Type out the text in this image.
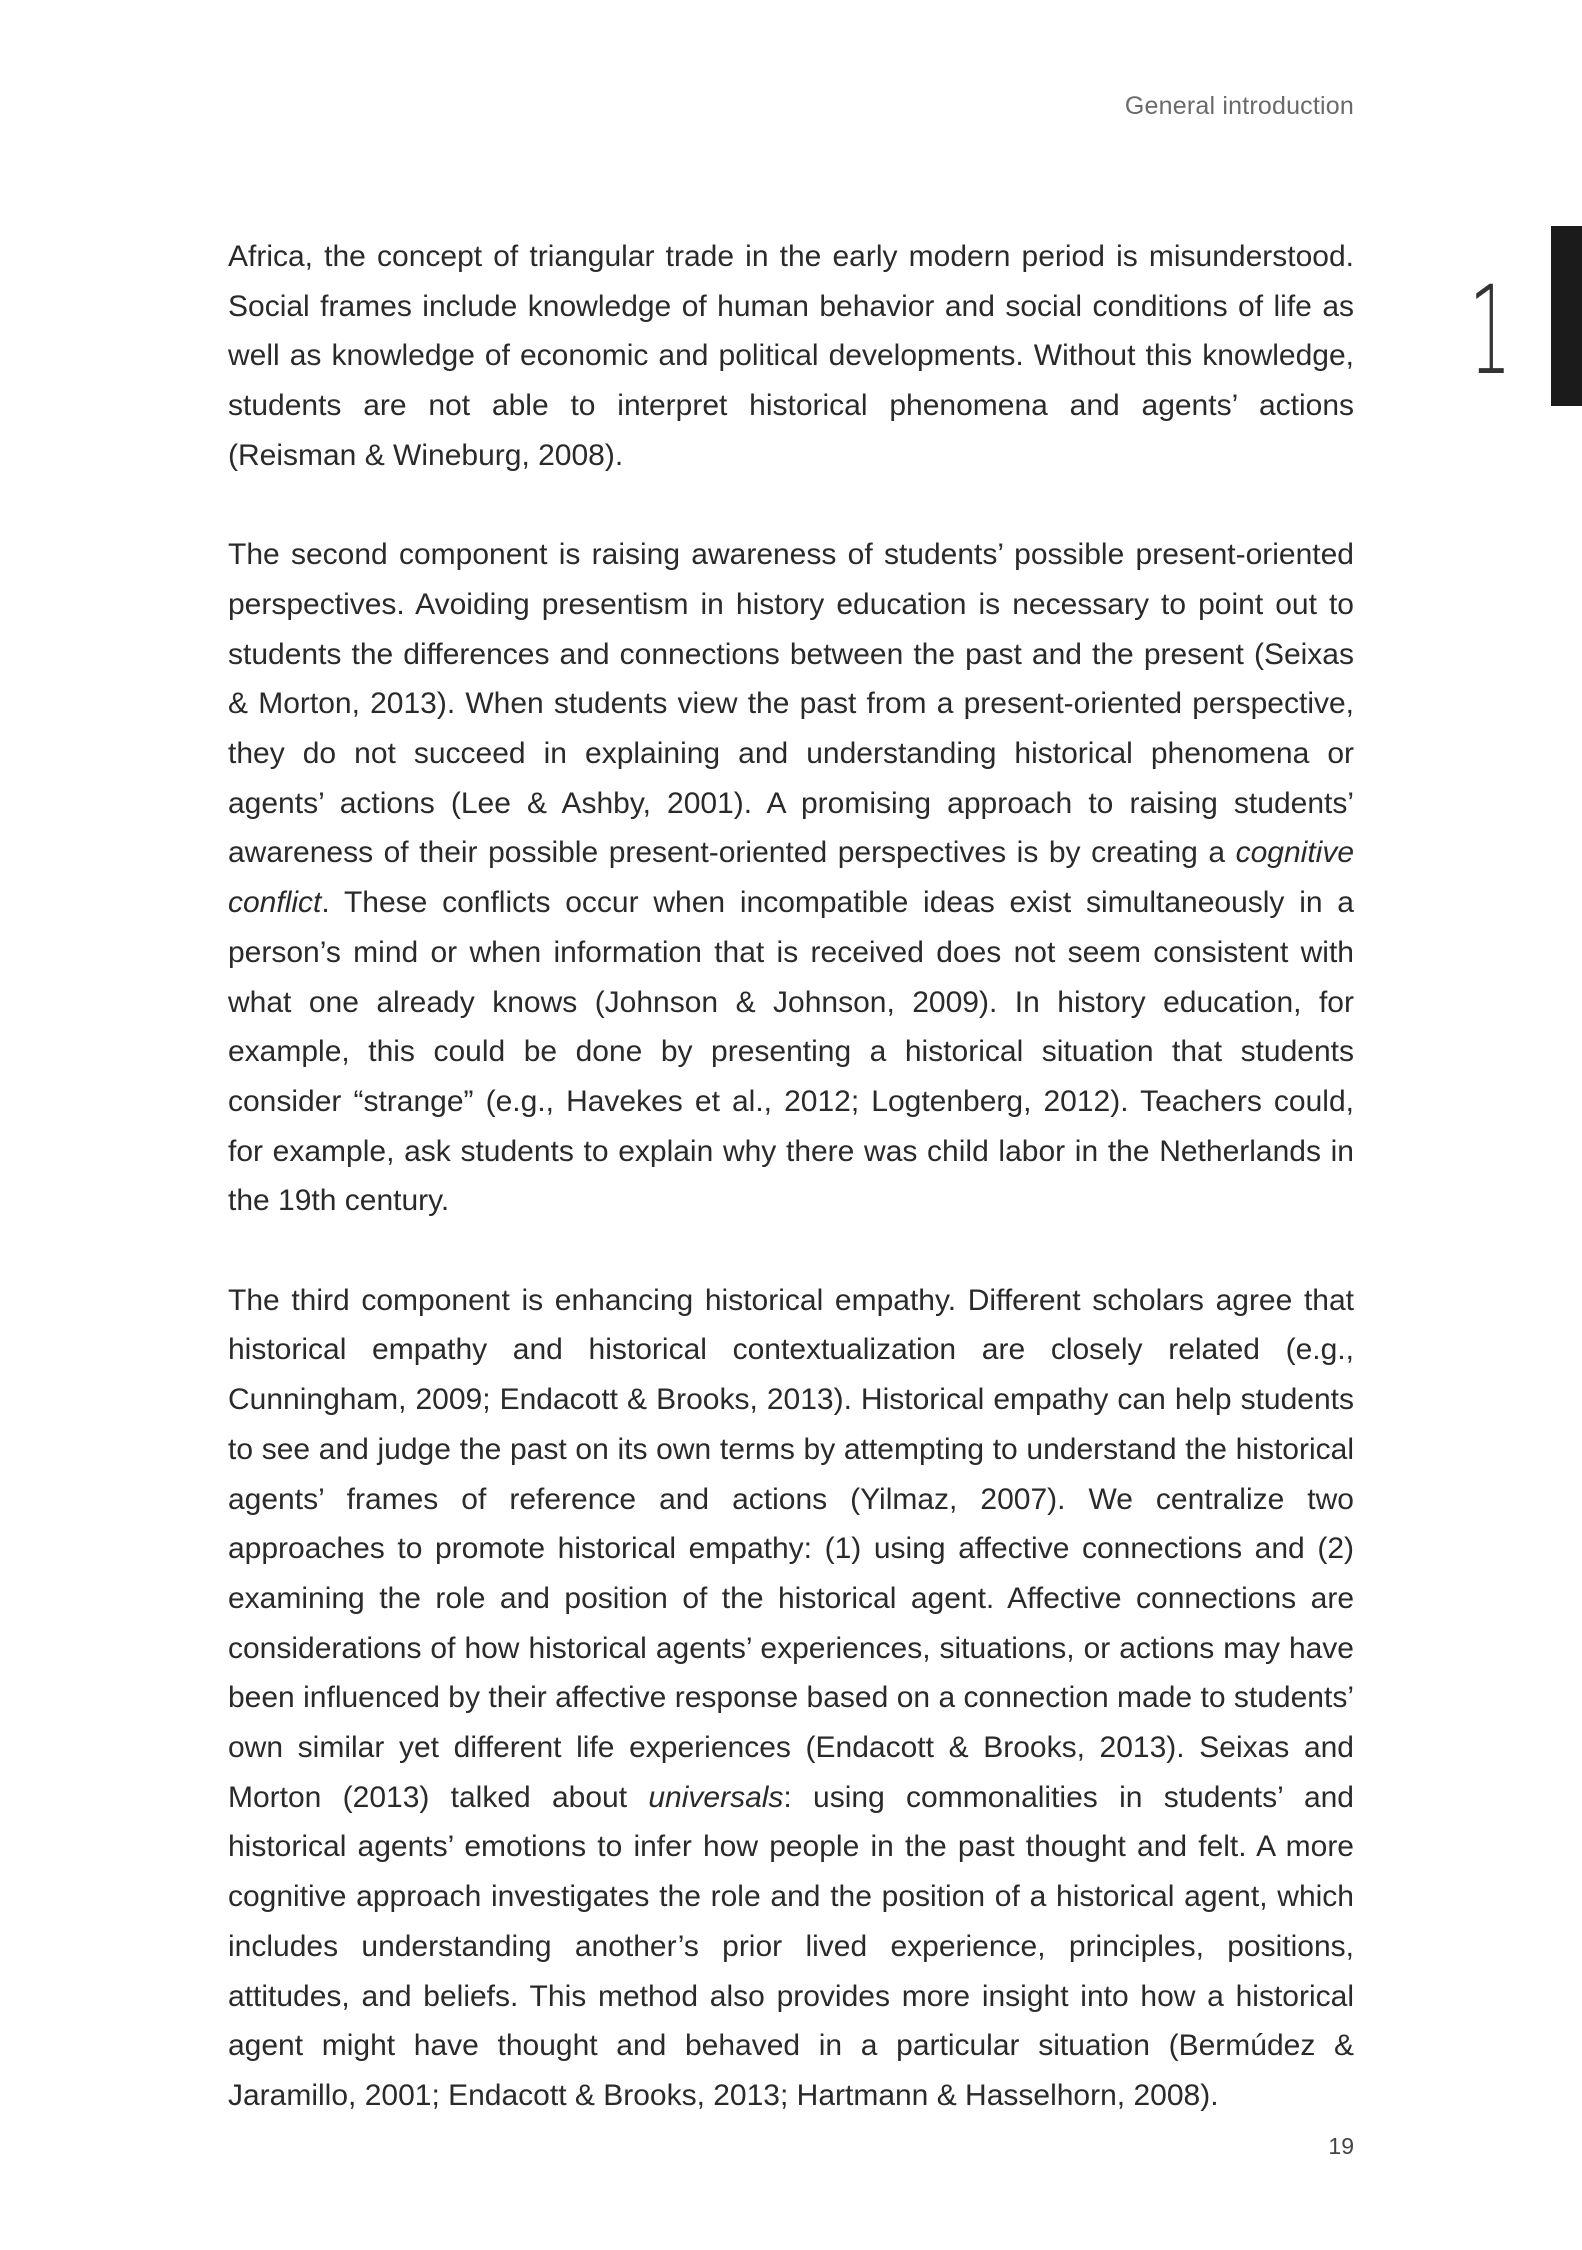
General introduction
1

Africa, the concept of triangular trade in the early modern period is misunderstood. Social frames include knowledge of human behavior and social conditions of life as well as knowledge of economic and political developments. Without this knowledge, students are not able to interpret historical phenomena and agents’ actions (Reisman & Wineburg, 2008).

The second component is raising awareness of students’ possible present-oriented perspectives. Avoiding presentism in history education is necessary to point out to students the differences and connections between the past and the present (Seixas & Morton, 2013). When students view the past from a present-oriented perspective, they do not succeed in explaining and understanding historical phenomena or agents’ actions (Lee & Ashby, 2001). A promising approach to raising students’ awareness of their possible present-oriented perspectives is by creating a cognitive conflict. These conflicts occur when incompatible ideas exist simultaneously in a person’s mind or when information that is received does not seem consistent with what one already knows (Johnson & Johnson, 2009). In history education, for example, this could be done by presenting a historical situation that students consider “strange” (e.g., Havekes et al., 2012; Logtenberg, 2012). Teachers could, for example, ask students to explain why there was child labor in the Netherlands in the 19th century.

The third component is enhancing historical empathy. Different scholars agree that historical empathy and historical contextualization are closely related (e.g., Cunningham, 2009; Endacott & Brooks, 2013). Historical empathy can help students to see and judge the past on its own terms by attempting to understand the historical agents’ frames of reference and actions (Yilmaz, 2007). We centralize two approaches to promote historical empathy: (1) using affective connections and (2) examining the role and position of the historical agent. Affective connections are considerations of how historical agents’ experiences, situations, or actions may have been influenced by their affective response based on a connection made to students’ own similar yet different life experiences (Endacott & Brooks, 2013). Seixas and Morton (2013) talked about universals: using commonalities in students’ and historical agents’ emotions to infer how people in the past thought and felt. A more cognitive approach investigates the role and the position of a historical agent, which includes understanding another’s prior lived experience, principles, positions, attitudes, and beliefs. This method also provides more insight into how a historical agent might have thought and behaved in a particular situation (Bermúdez & Jaramillo, 2001; Endacott & Brooks, 2013; Hartmann & Hasselhorn, 2008).

19
